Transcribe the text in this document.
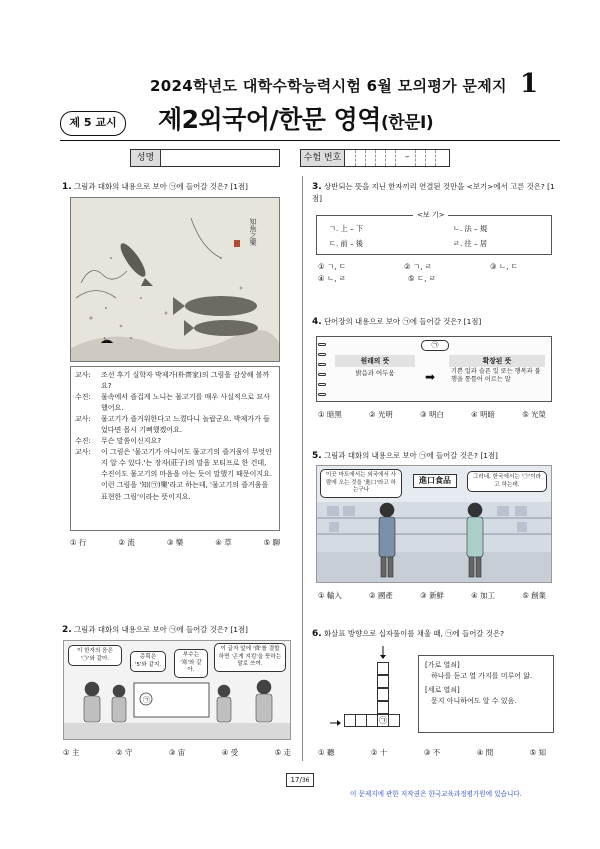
2024학년도 대학수학능력시험 6월 모의평가 문제지 1
제 5 교시	제2외국어/한문 영역(한문Ⅰ)
성명	수험 번호	–
1. 그림과 대화의 내용으로 보아 ㉠에 들어갈 것은? [1점]
知魚之樂
교사:	조선 후기 실학자 박제가(朴齊家)의 그림을 감상해 볼까요?
수진:	물속에서 즐겁게 노니는 물고기를 매우 사실적으로 묘사했어요.
교사:	물고기가 즐거워한다고 느꼈다니 놀랍군요. 박제가가 들었다면 몹시 기뻐했겠어요.
수진:	무슨 말씀이신지요?
교사:	이 그림은 '물고기가 아니어도 물고기의 즐거움이 무엇인지 알 수 있다.'는 장자(莊子)의 말을 모티프로 한 건데, 수진이도 물고기의 마음을 아는 듯이 말했기 때문이지요. 이런 그림을 '知(㉠)樂'라고 하는데, '물고기의 즐거움을 표현한 그림'이라는 뜻이지요.
① 行	② 流	③ 樂	④ 草	⑤ 聊
2. 그림과 대화의 내용으로 보아 ㉠에 들어갈 것은? [1점]
㉠
이 한자의 음은 '㉠'와 같아.	총획은 '5'와 같지.
부수는 '寒'와 같아.
이 글자 앞에 '䝴'를 결합하면 '곤게 지킴'을 뜻하는 말로 쓰여.
① 主	② 守	③ 宙	④ 受	⑤ 走
3. 상반되는 뜻을 지닌 한자끼리 연결된 것만을 <보기>에서 고른 것은? [1점]
<보 기>
ㄱ. 上 – 下	ㄴ. 法 – 規
ㄷ. 前 – 後	ㄹ. 往 – 居
① ㄱ, ㄷ	② ㄱ, ㄹ	③ ㄴ, ㄷ
④ ㄴ, ㄹ	⑤ ㄷ, ㄹ
4. 단어장의 내용으로 보아 ㉠에 들어갈 것은? [1점]
㉠
원래의 뜻
밝음과 어두움	➡
확장된 뜻
기쁜 일과 슬픈 일 또는 행복과 불행을 통틀어 이르는 말
① 暗黑	② 光明	③ 明白	④ 明暗	⑤ 光榮
5. 그림과 대화의 내용으로 보아 ㉠에 들어갈 것은? [1점]
進口食品
이곳 마트에서는 외국에서 사람에 오는 것을 '進口'라고 하는구나
그러네, 한국에서는 '㉠'이라고 하는데.
① 輸入	② 國產	③ 新鮮	④ 加工	⑤ 創業
6. 화살표 방향으로 십자풀이를 채울 때, ㉠에 들어갈 것은?
㉠
[가로 열쇠]
하나를 듣고 열 가지를 미루어 앎.
[세로 열쇠]
묻지 아니하여도 알 수 있음.
① 聽	② 十	③ 不	④ 問	⑤ 知
17/36
이 문제지에 관한 저작권은 한국교육과정평가원에 있습니다.
